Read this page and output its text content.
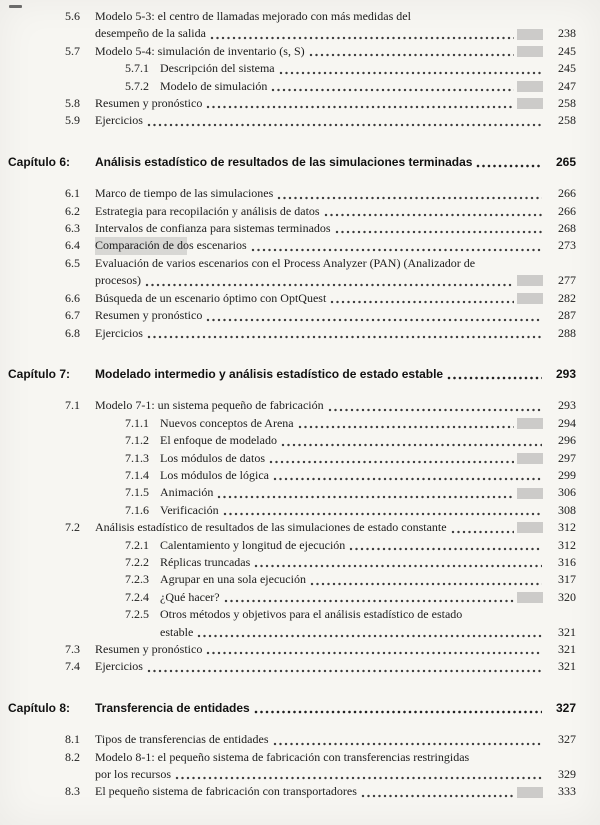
5.6	Modelo 5-3: el centro de llamadas mejorado con más medidas del
desempeño de la salida	238
5.7	Modelo 5-4: simulación de inventario (s, S)	245
5.7.1 Descripción del sistema	245
5.7.2 Modelo de simulación	247
5.8	Resumen y pronóstico	258
5.9	Ejercicios	258
Capítulo 6:	Análisis estadístico de resultados de las simulaciones terminadas	265
6.1	Marco de tiempo de las simulaciones	266
6.2	Estrategia para recopilación y análisis de datos	266
6.3	Intervalos de confianza para sistemas terminados	268
6.4	Comparación de dos escenarios	273
6.5	Evaluación de varios escenarios con el Process Analyzer (PAN) (Analizador de
procesos)	277
6.6	Búsqueda de un escenario óptimo con OptQuest	282
6.7	Resumen y pronóstico	287
6.8	Ejercicios	288
Capítulo 7:	Modelado intermedio y análisis estadístico de estado estable	293
7.1	Modelo 7-1: un sistema pequeño de fabricación	293
7.1.1 Nuevos conceptos de Arena	294
7.1.2 El enfoque de modelado	296
7.1.3 Los módulos de datos	297
7.1.4 Los módulos de lógica	299
7.1.5 Animación	306
7.1.6 Verificación	308
7.2	Análisis estadístico de resultados de las simulaciones de estado constante	312
7.2.1 Calentamiento y longitud de ejecución	312
7.2.2 Réplicas truncadas	316
7.2.3 Agrupar en una sola ejecución	317
7.2.4 ¿Qué hacer?	320
7.2.5 Otros métodos y objetivos para el análisis estadístico de estado
estable	321
7.3	Resumen y pronóstico	321
7.4	Ejercicios	321
Capítulo 8:	Transferencia de entidades	327
8.1	Tipos de transferencias de entidades	327
8.2	Modelo 8-1: el pequeño sistema de fabricación con transferencias restringidas
por los recursos	329
8.3	El pequeño sistema de fabricación con transportadores	333
